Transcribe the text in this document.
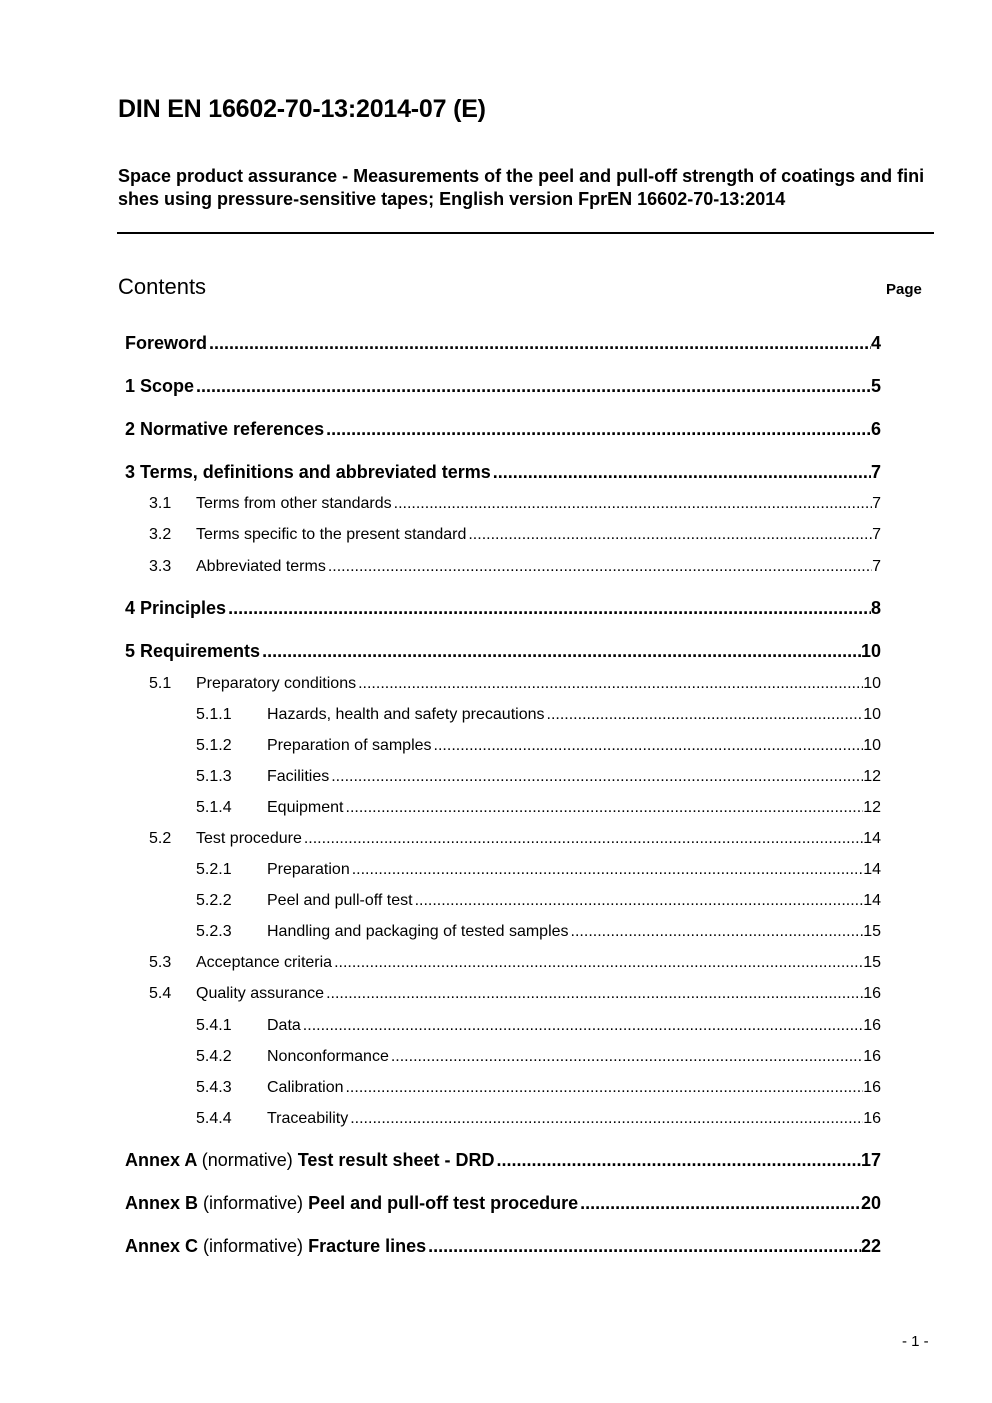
DIN EN 16602-70-13:2014-07 (E)
Space product assurance - Measurements of the peel and pull-off strength of coatings and finishes using pressure-sensitive tapes; English version FprEN 16602-70-13:2014
Contents	Page
Foreword .....	4
1 Scope .....	5
2 Normative references .....	6
3 Terms, definitions and abbreviated terms .....	7
3.1	Terms from other standards .....	7
3.2	Terms specific to the present standard .....	7
3.3	Abbreviated terms .....	7
4 Principles .....	8
5 Requirements .....	10
5.1	Preparatory conditions .....	10
5.1.1	Hazards, health and safety precautions .....	10
5.1.2	Preparation of samples .....	10
5.1.3	Facilities .....	12
5.1.4	Equipment .....	12
5.2	Test procedure .....	14
5.2.1	Preparation .....	14
5.2.2	Peel and pull-off test .....	14
5.2.3	Handling and packaging of tested samples .....	15
5.3	Acceptance criteria .....	15
5.4	Quality assurance .....	16
5.4.1	Data .....	16
5.4.2	Nonconformance .....	16
5.4.3	Calibration .....	16
5.4.4	Traceability .....	16
Annex A (normative) Test result sheet - DRD .....	17
Annex B (informative) Peel and pull-off test procedure .....	20
Annex C (informative) Fracture lines .....	22
- 1 -
